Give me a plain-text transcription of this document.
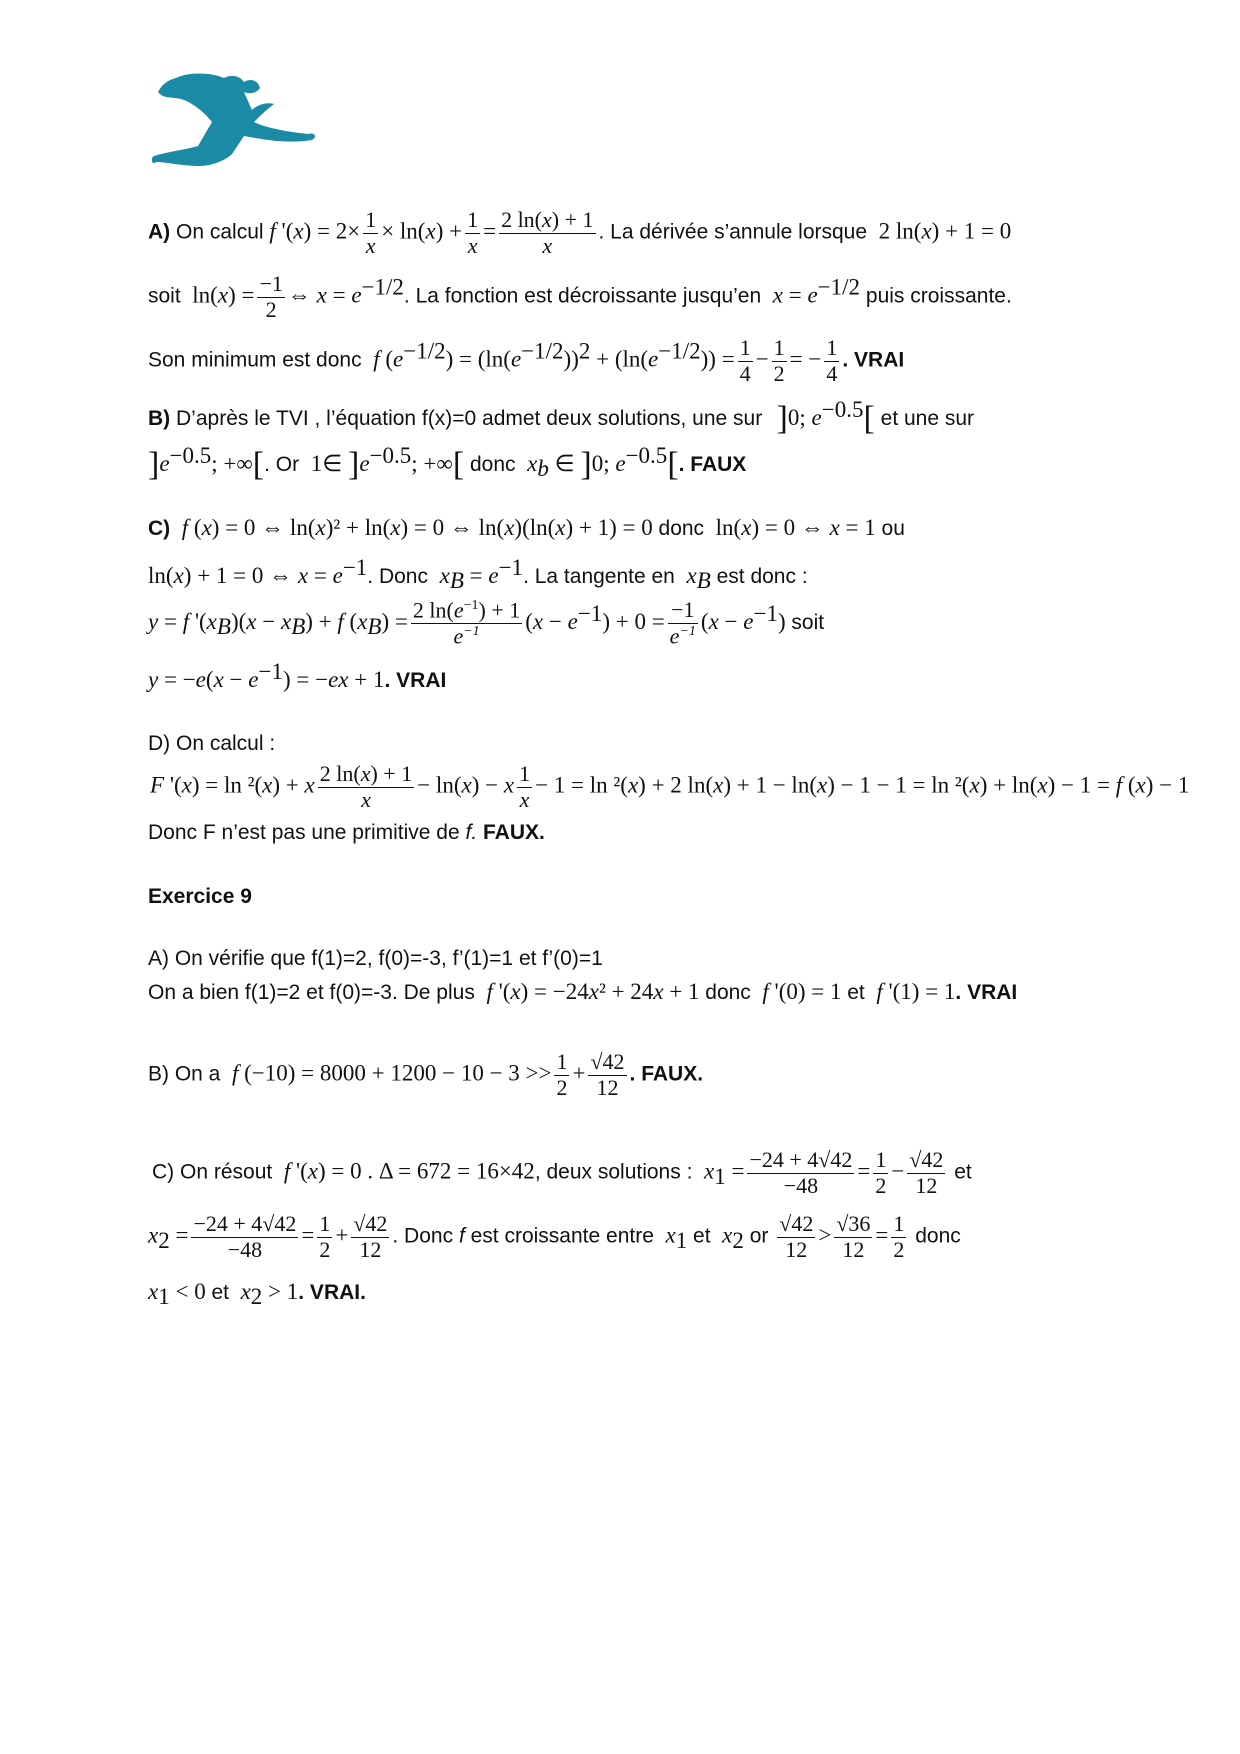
A) On calcul f '$(x) = 2\times \frac{1}{x} \times \ln(x) + \frac{1}{x} = \frac{2 \ln(x) + 1}{x}$ . La dérivée s’annule lorsque  2 ln(x) + 1 = 0
soit  $\ln(x) = \frac{-1}{2}$ ⇔ $x = e^{-1/2}$. La fonction est décroissante jusqu’en  $x = e^{-1/2}$ puis croissante.
Son minimum est donc  f $(e^{-1/2}) = (\ln(e^{-1/2}))^2 + (\ln(e^{-1/2})) = \frac{1}{4} - \frac{1}{2}$ = − $\frac{1}{4}$ . VRAI
B) D’après le TVI , l’équation f(x)=0 admet deux solutions, une sur  ]0; $e^{-0.5}$[ et une sur
]$e^{-0.5}$; +∞[. Or  1∈ ]$e^{-0.5}$; +∞[ donc  $x_b$ ∈ ]0; $e^{-0.5}$[. FAUX
C)  f (x) = 0 ⇔ ln(x)² + ln(x) = 0 ⇔ ln(x)(ln(x) + 1) = 0 donc  ln(x) = 0 ⇔ x = 1 ou
ln(x) + 1 = 0 ⇔ $x = e^{-1}$. Donc  $x_B = e^{-1}$. La tangente en  $x_B$ est donc :
y = f '$(x_B)(x - x_B) + f$ $(x_B) = \frac{2 \ln(e^{-1}) + 1}{e^{-1}} (x - e^{-1}) + 0 = \frac{-1}{e^{-1}} (x - e^{-1})$ soit
$y = -e(x - e^{-1}) = -ex + 1$. VRAI
D) On calcul :
F '(x) = ln ²(x) + x $\frac{2 \ln(x) + 1}{x} - \ln(x) - x \frac{1}{x} - 1 = \ln ^2(x) + 2$ ln(x) + 1 − ln(x) − 1 − 1 = ln ²(x) + ln(x) − 1 = f (x) − 1
Donc F n’est pas une primitive de f. FAUX.
Exercice 9
A) On vérifie que f(1)=2, f(0)=-3, f’(1)=1 et f’(0)=1
On a bien f(1)=2 et f(0)=-3. De plus  f '(x) = −24x² + 24x + 1 donc  f '(0) = 1 et  f '(1) = 1. VRAI
B) On a  f $(-10) = 8000 + 1200 - 10 - 3 >> \frac{1}{2} + \frac{√42}{12}$ . FAUX.
C) On résout  f '(x) = 0 . Δ = 672 = 16×42, deux solutions :  $x_1 = \frac{-24 + 4√42}{-48} = \frac{1}{2} - \frac{√42}{12}$ et
$x_2 = \frac{-24 + 4√42}{-48} = \frac{1}{2} + \frac{√42}{12}$ . Donc f est croissante entre  $x_1$ et  $x_2$ or $\frac{√42}{12} > \frac{√36}{12} = \frac{1}{2}$ donc
$x_1 < 0$ et  $x_2 > 1$. VRAI.
